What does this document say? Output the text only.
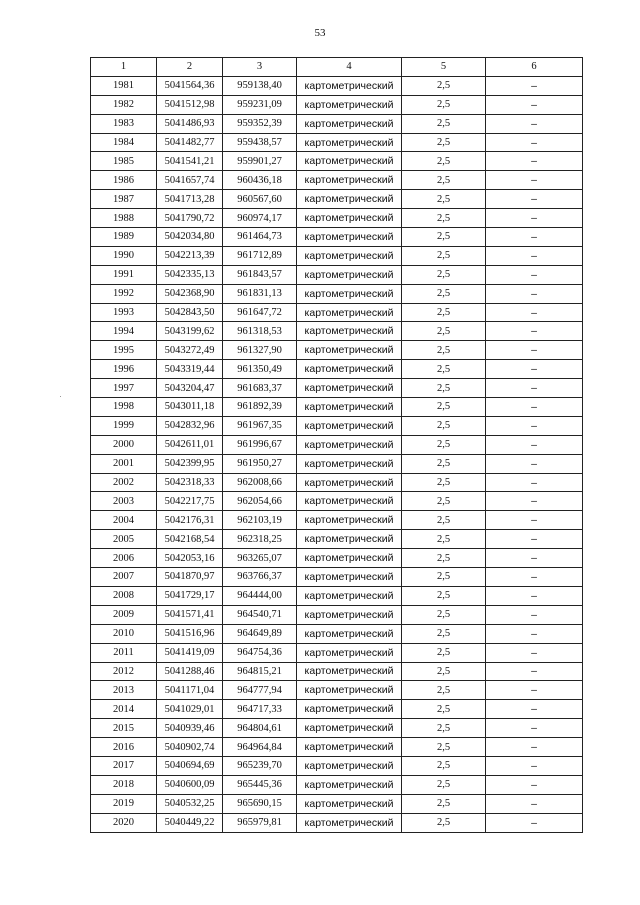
53
1	2	3	4	5	6
1981	5041564,36	959138,40	картометрический	2,5	–
1982	5041512,98	959231,09	картометрический	2,5	–
1983	5041486,93	959352,39	картометрический	2,5	–
1984	5041482,77	959438,57	картометрический	2,5	–
1985	5041541,21	959901,27	картометрический	2,5	–
1986	5041657,74	960436,18	картометрический	2,5	–
1987	5041713,28	960567,60	картометрический	2,5	–
1988	5041790,72	960974,17	картометрический	2,5	–
1989	5042034,80	961464,73	картометрический	2,5	–
1990	5042213,39	961712,89	картометрический	2,5	–
1991	5042335,13	961843,57	картометрический	2,5	–
1992	5042368,90	961831,13	картометрический	2,5	–
1993	5042843,50	961647,72	картометрический	2,5	–
1994	5043199,62	961318,53	картометрический	2,5	–
1995	5043272,49	961327,90	картометрический	2,5	–
1996	5043319,44	961350,49	картометрический	2,5	–
1997	5043204,47	961683,37	картометрический	2,5	–
1998	5043011,18	961892,39	картометрический	2,5	–
1999	5042832,96	961967,35	картометрический	2,5	–
2000	5042611,01	961996,67	картометрический	2,5	–
2001	5042399,95	961950,27	картометрический	2,5	–
2002	5042318,33	962008,66	картометрический	2,5	–
2003	5042217,75	962054,66	картометрический	2,5	–
2004	5042176,31	962103,19	картометрический	2,5	–
2005	5042168,54	962318,25	картометрический	2,5	–
2006	5042053,16	963265,07	картометрический	2,5	–
2007	5041870,97	963766,37	картометрический	2,5	–
2008	5041729,17	964444,00	картометрический	2,5	–
2009	5041571,41	964540,71	картометрический	2,5	–
2010	5041516,96	964649,89	картометрический	2,5	–
2011	5041419,09	964754,36	картометрический	2,5	–
2012	5041288,46	964815,21	картометрический	2,5	–
2013	5041171,04	964777,94	картометрический	2,5	–
2014	5041029,01	964717,33	картометрический	2,5	–
2015	5040939,46	964804,61	картометрический	2,5	–
2016	5040902,74	964964,84	картометрический	2,5	–
2017	5040694,69	965239,70	картометрический	2,5	–
2018	5040600,09	965445,36	картометрический	2,5	–
2019	5040532,25	965690,15	картометрический	2,5	–
2020	5040449,22	965979,81	картометрический	2,5	–
